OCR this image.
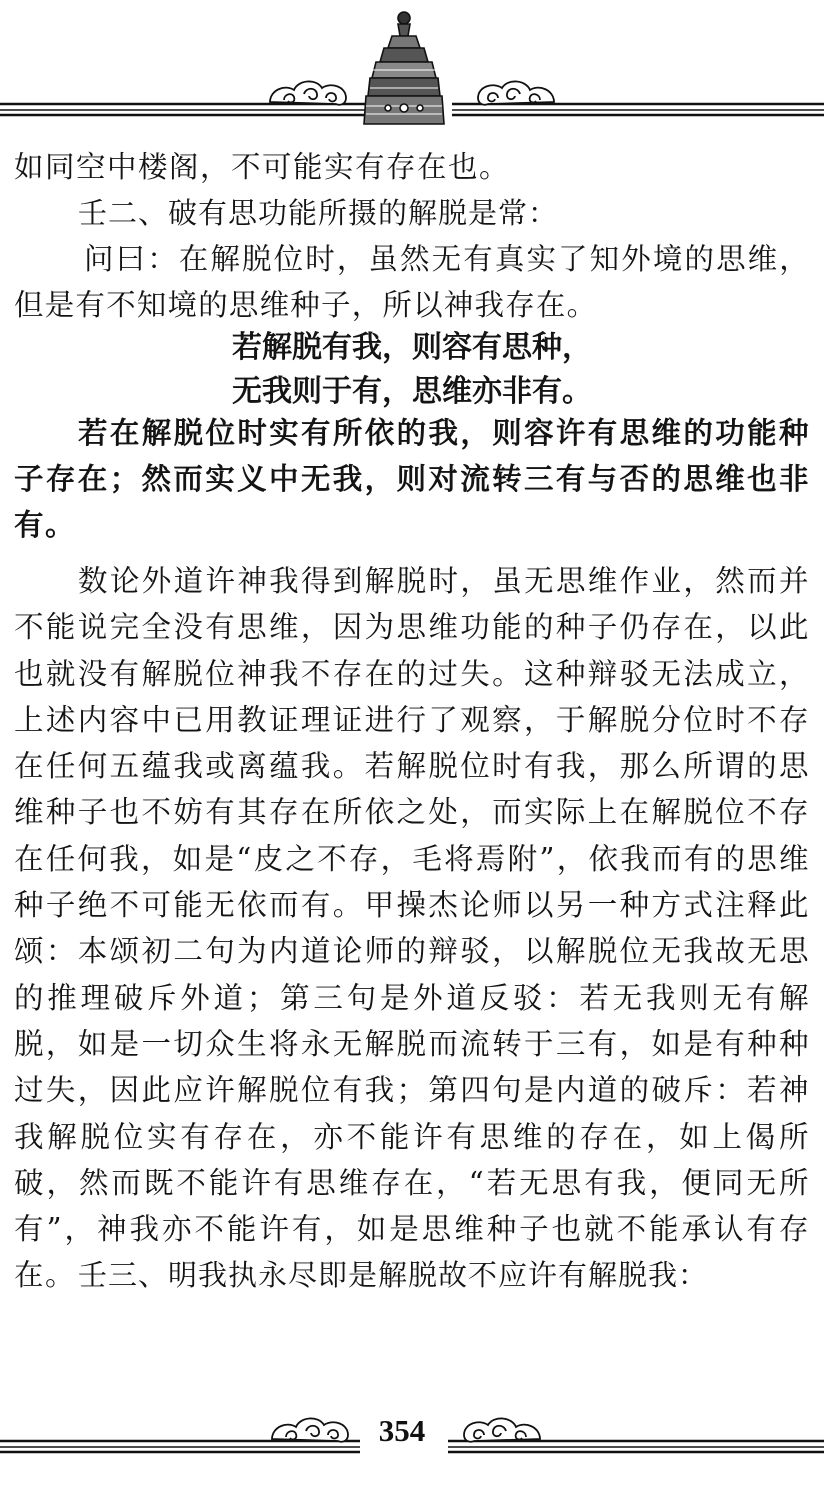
如同空中楼阁，不可能实有存在也。

壬二、破有思功能所摄的解脱是常：

问曰：在解脱位时，虽然无有真实了知外境的思维，但是有不知境的思维种子，所以神我存在。

若解脱有我，则容有思种，

无我则于有，思维亦非有。

若在解脱位时实有所依的我，则容许有思维的功能种子存在；然而实义中无我，则对流转三有与否的思维也非有。

数论外道许神我得到解脱时，虽无思维作业，然而并不能说完全没有思维，因为思维功能的种子仍存在，以此也就没有解脱位神我不存在的过失。这种辩驳无法成立，上述内容中已用教证理证进行了观察，于解脱分位时不存在任何五蕴我或离蕴我。若解脱位时有我，那么所谓的思维种子也不妨有其存在所依之处，而实际上在解脱位不存在任何我，如是“皮之不存，毛将焉附”，依我而有的思维种子绝不可能无依而有。甲操杰论师以另一种方式注释此颂：本颂初二句为内道论师的辩驳，以解脱位无我故无思的推理破斥外道；第三句是外道反驳：若无我则无有解脱，如是一切众生将永无解脱而流转于三有，如是有种种过失，因此应许解脱位有我；第四句是内道的破斥：若神我解脱位实有存在，亦不能许有思维的存在，如上偈所破，然而既不能许有思维存在，“若无思有我，便同无所有”，神我亦不能许有，如是思维种子也就不能承认有存在。 壬三、明我执永尽即是解脱故不应许有解脱我：

354
